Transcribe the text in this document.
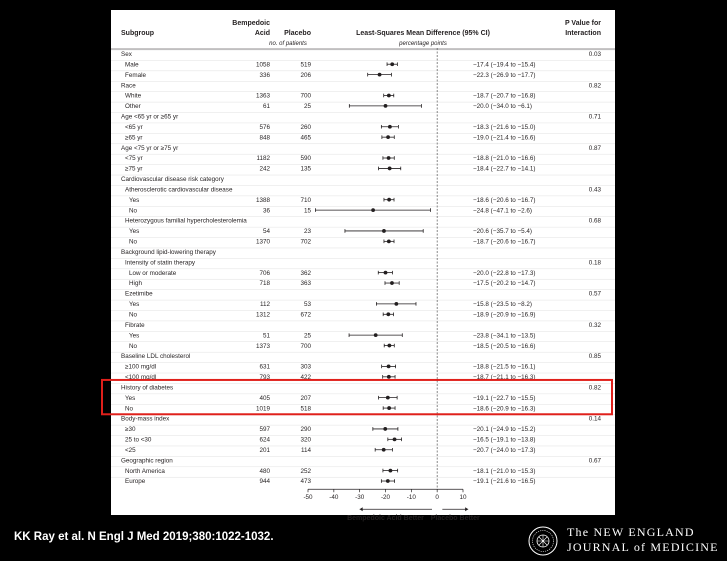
Subgroup
Bempedoic
Acid Placebo	Least-Squares Mean Difference (95% CI)
P Value for
Interaction
no. of patients	percentage points
Sex	0.03
Male	1058	519	−17.4 (−19.4 to −15.4)
Female	336	206	−22.3 (−26.9 to −17.7)
Race	0.82
White	1363	700	−18.7 (−20.7 to −16.8)
Other	61	25	−20.0 (−34.0 to −6.1)
Age <65 yr or ≥65 yr	0.71
<65 yr	576	260	−18.3 (−21.6 to −15.0)
≥65 yr	848	465	−19.0 (−21.4 to −16.6)
Age <75 yr or ≥75 yr	0.87
<75 yr	1182	590	−18.8 (−21.0 to −16.6)
≥75 yr	242	135	−18.4 (−22.7 to −14.1)
Cardiovascular disease risk category
Atherosclerotic cardiovascular disease	0.43
Yes	1388	710	−18.6 (−20.6 to −16.7)
No	36	15	−24.8 (−47.1 to −2.6)
Heterozygous familial hypercholesterolemia	0.68
Yes	54	23	−20.6 (−35.7 to −5.4)
No	1370	702	−18.7 (−20.6 to −16.7)
Background lipid-lowering therapy
Intensity of statin therapy	0.18
Low or moderate	706	362	−20.0 (−22.8 to −17.3)
High	718	363	−17.5 (−20.2 to −14.7)
Ezetimibe	0.57
Yes	112	53	−15.8 (−23.5 to −8.2)
No	1312	672	−18.9 (−20.9 to −16.9)
Fibrate	0.32
Yes	51	25	−23.8 (−34.1 to −13.5)
No	1373	700	−18.5 (−20.5 to −16.6)
Baseline LDL cholesterol	0.85
≥100 mg/dl	631	303	−18.8 (−21.5 to −16.1)
<100 mg/dl	793	422	−18.7 (−21.1 to −16.3)
History of diabetes	0.82
Yes	405	207	−19.1 (−22.7 to −15.5)
No	1019	518	−18.6 (−20.9 to −16.3)
Body-mass index	0.14
≥30	597	290	−20.1 (−24.9 to −15.2)
25 to <30	624	320	−16.5 (−19.1 to −13.8)
<25	201	114	−20.7 (−24.0 to −17.3)
Geographic region	0.67
North America	480	252	−18.1 (−21.0 to −15.3)
Europe	944	473	−19.1 (−21.6 to −16.5)
-50	-40	-30	-20	-10	0	10
Bempedoic Acid Better Placebo Better
KK Ray et al. N Engl J Med 2019;380:1022-1032.	The NEW ENGLAND
JOURNAL of MEDICINE
